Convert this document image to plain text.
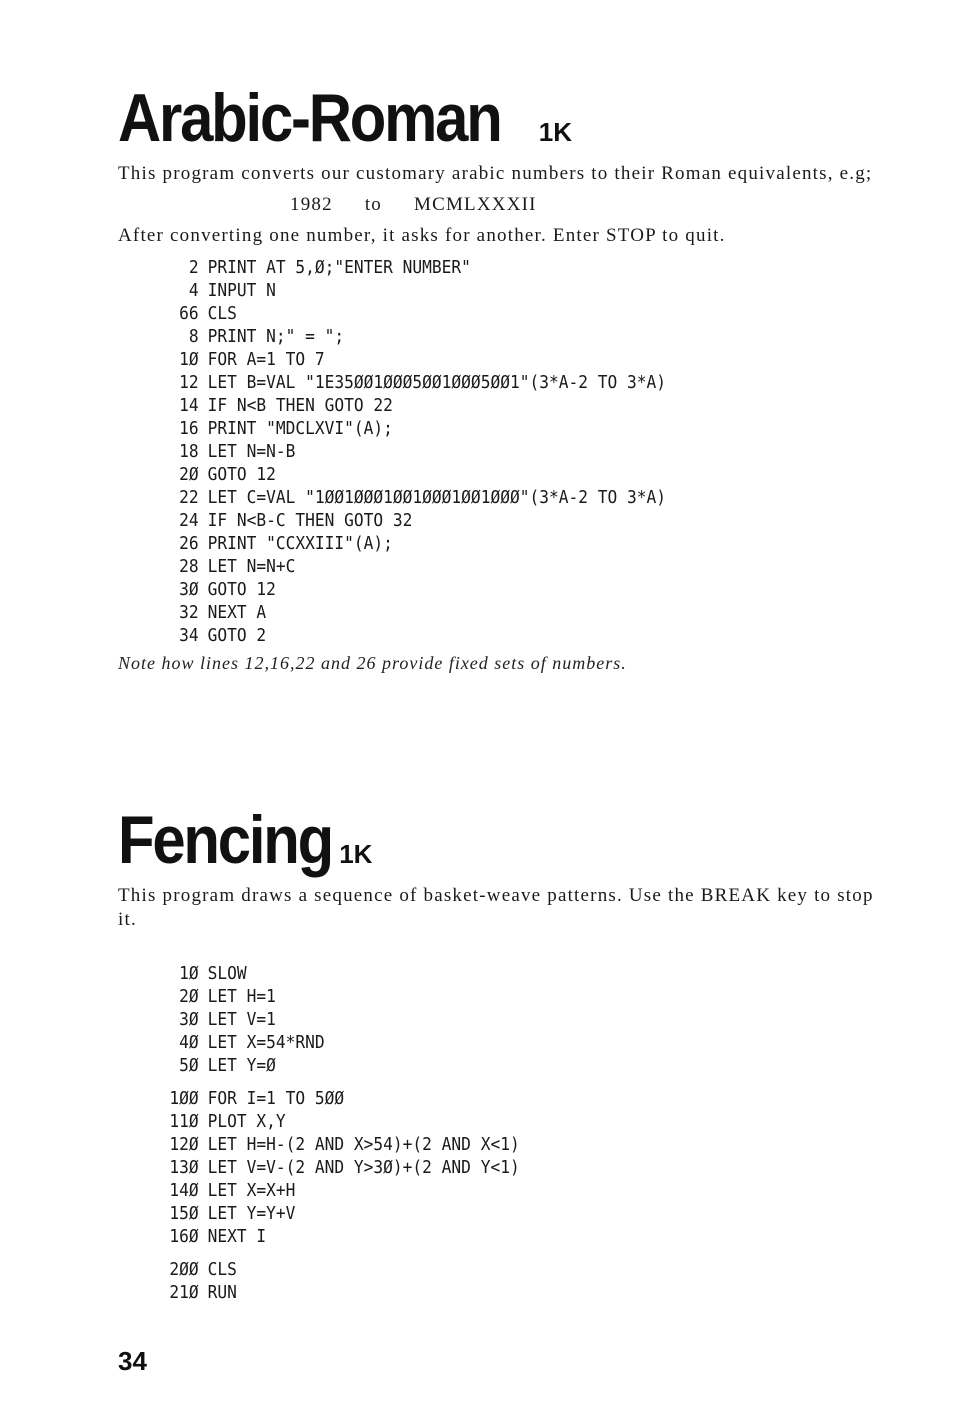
Arabic-Roman 1K

This program converts our customary arabic numbers to their Roman equivalents, e.g;

1982 to MCMLXXXII

After converting one number, it asks for another. Enter STOP to quit.

2 PRINT AT 5,Ø;"ENTER NUMBER"
4 INPUT N
66 CLS
8 PRINT N;" = ";
1Ø FOR A=1 TO 7
12 LET B=VAL "1E35ØØ1ØØØ5ØØ1ØØØ5ØØ1"(3*A-2 TO 3*A)
14 IF N<B THEN GOTO 22
16 PRINT "MDCLXVI"(A);
18 LET N=N-B
2Ø GOTO 12
22 LET C=VAL "1ØØ1ØØØ1ØØ1ØØØ1ØØ1ØØØ"(3*A-2 TO 3*A)
24 IF N<B-C THEN GOTO 32
26 PRINT "CCXXIII"(A);
28 LET N=N+C
3Ø GOTO 12
32 NEXT A
34 GOTO 2
Note how lines 12,16,22 and 26 provide fixed sets of numbers.
Fencing 1K

This program draws a sequence of basket-weave patterns. Use the BREAK key to stop it.

1Ø SLOW
2Ø LET H=1
3Ø LET V=1
4Ø LET X=54*RND
5Ø LET Y=Ø
1ØØ FOR I=1 TO 5ØØ
11Ø PLOT X,Y
12Ø LET H=H-(2 AND X>54)+(2 AND X<1)
13Ø LET V=V-(2 AND Y>3Ø)+(2 AND Y<1)
14Ø LET X=X+H
15Ø LET Y=Y+V
16Ø NEXT I
2ØØ CLS
21Ø RUN
34
